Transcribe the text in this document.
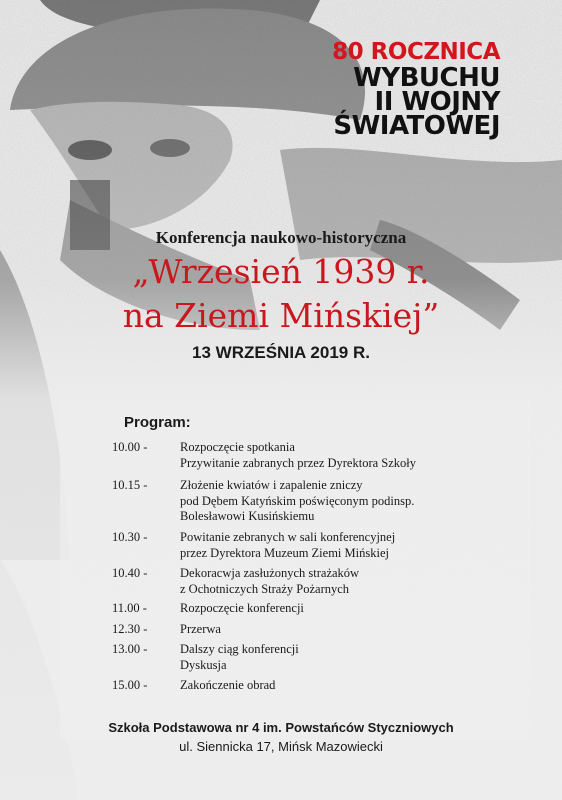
80 ROCZNICA
WYBUCHU
II WOJNY
ŚWIATOWEJ
Konferencja naukowo-historyczna
„Wrzesień 1939 r.
na Ziemi Mińskiej”
13 WRZEŚNIA 2019 R.
Program:
10.00 -	Rozpoczęcie spotkania
Przywitanie zabranych przez Dyrektora Szkoły
10.15 -	Złożenie kwiatów i zapalenie zniczy
pod Dębem Katyńskim poświęconym podinsp.
Bolesławowi Kusińskiemu
10.30 -	Powitanie zebranych w sali konferencyjnej
przez Dyrektora Muzeum Ziemi Mińskiej
10.40 -	Dekoracwja zasłużonych strażaków
z Ochotniczych Straży Pożarnych
11.00 -	Rozpoczęcie konferencji
12.30 -	Przerwa
13.00 -	Dalszy ciąg konferencji
Dyskusja
15.00 -	Zakończenie obrad
Szkoła Podstawowa nr 4 im. Powstańców Styczniowych
ul. Siennicka 17, Mińsk Mazowiecki
